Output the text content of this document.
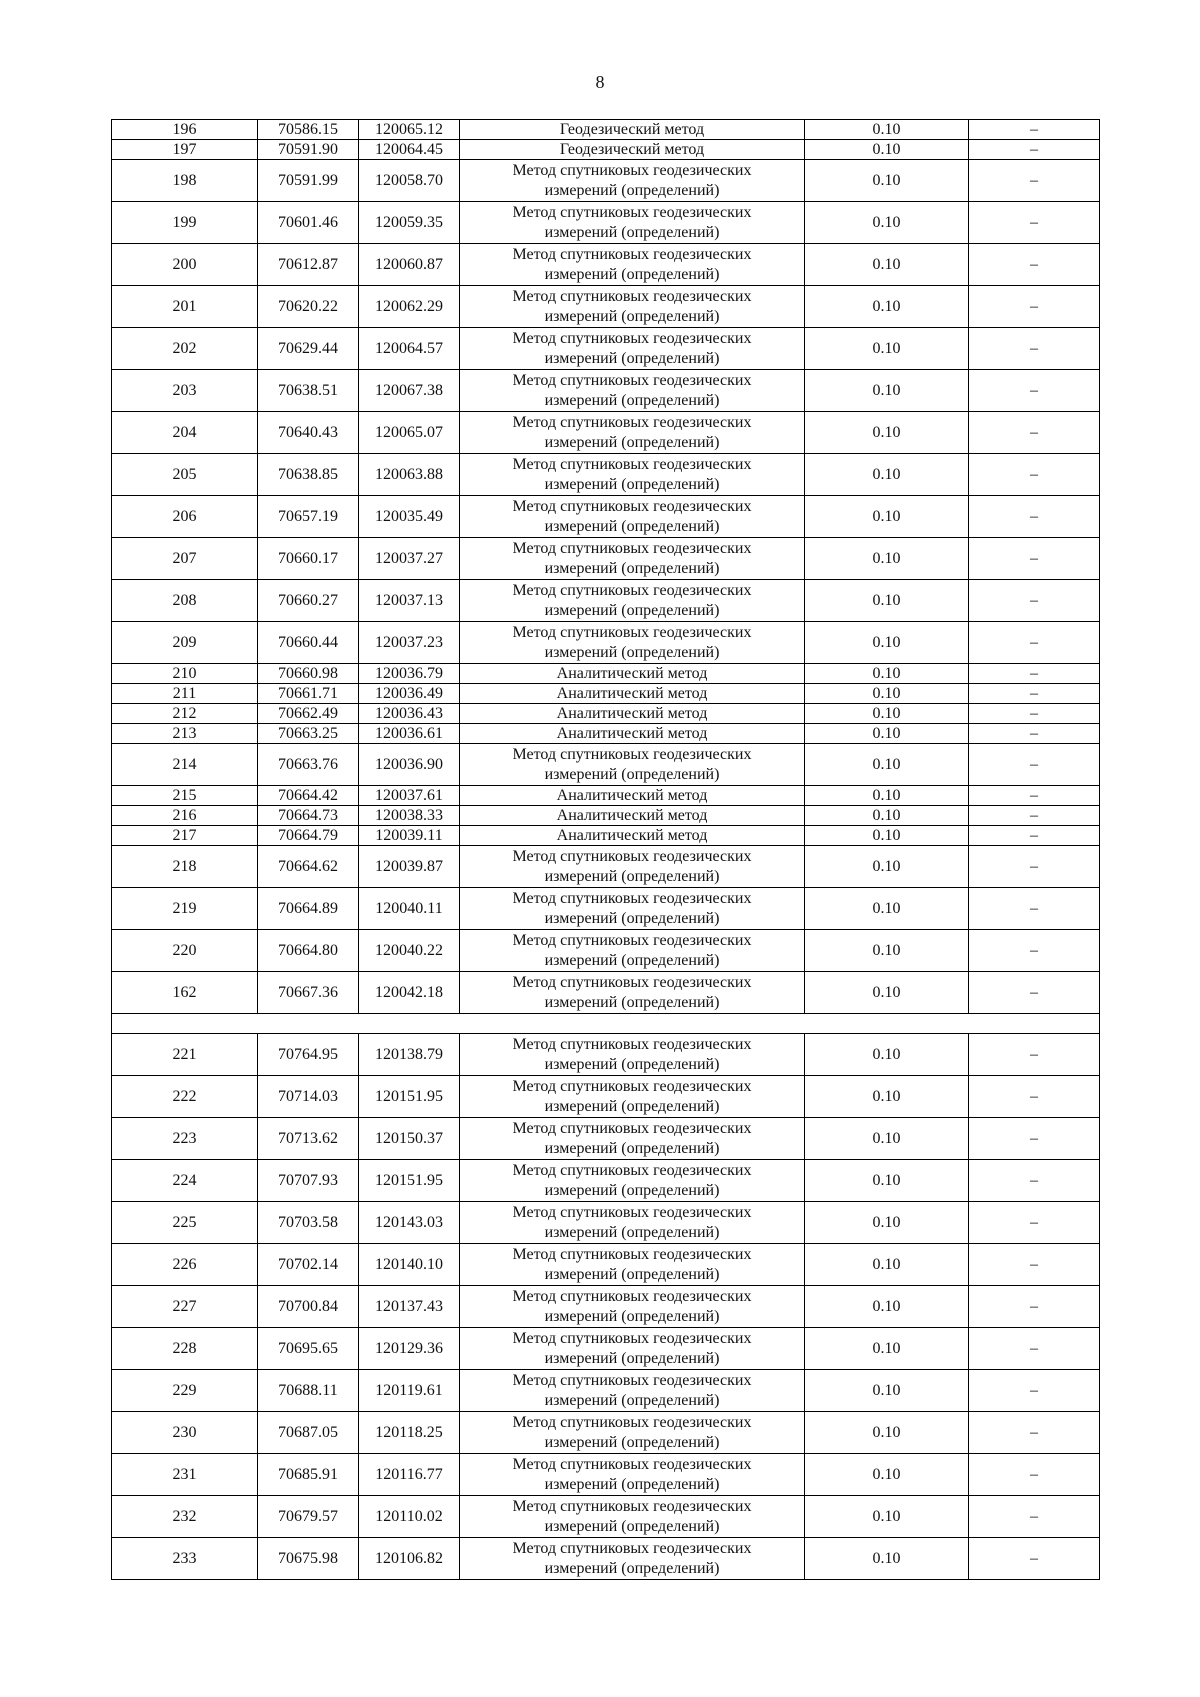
8
196	70586.15	120065.12	Геодезический метод	0.10	–
197	70591.90	120064.45	Геодезический метод	0.10	–
198	70591.99	120058.70	Метод спутниковых геодезических
измерений (определений)	0.10	–
199	70601.46	120059.35	Метод спутниковых геодезических
измерений (определений)	0.10	–
200	70612.87	120060.87	Метод спутниковых геодезических
измерений (определений)	0.10	–
201	70620.22	120062.29	Метод спутниковых геодезических
измерений (определений)	0.10	–
202	70629.44	120064.57	Метод спутниковых геодезических
измерений (определений)	0.10	–
203	70638.51	120067.38	Метод спутниковых геодезических
измерений (определений)	0.10	–
204	70640.43	120065.07	Метод спутниковых геодезических
измерений (определений)	0.10	–
205	70638.85	120063.88	Метод спутниковых геодезических
измерений (определений)	0.10	–
206	70657.19	120035.49	Метод спутниковых геодезических
измерений (определений)	0.10	–
207	70660.17	120037.27	Метод спутниковых геодезических
измерений (определений)	0.10	–
208	70660.27	120037.13	Метод спутниковых геодезических
измерений (определений)	0.10	–
209	70660.44	120037.23	Метод спутниковых геодезических
измерений (определений)	0.10	–
210	70660.98	120036.79	Аналитический метод	0.10	–
211	70661.71	120036.49	Аналитический метод	0.10	–
212	70662.49	120036.43	Аналитический метод	0.10	–
213	70663.25	120036.61	Аналитический метод	0.10	–
214	70663.76	120036.90	Метод спутниковых геодезических
измерений (определений)	0.10	–
215	70664.42	120037.61	Аналитический метод	0.10	–
216	70664.73	120038.33	Аналитический метод	0.10	–
217	70664.79	120039.11	Аналитический метод	0.10	–
218	70664.62	120039.87	Метод спутниковых геодезических
измерений (определений)	0.10	–
219	70664.89	120040.11	Метод спутниковых геодезических
измерений (определений)	0.10	–
220	70664.80	120040.22	Метод спутниковых геодезических
измерений (определений)	0.10	–
162	70667.36	120042.18	Метод спутниковых геодезических
измерений (определений)	0.10	–

221	70764.95	120138.79	Метод спутниковых геодезических
измерений (определений)	0.10	–
222	70714.03	120151.95	Метод спутниковых геодезических
измерений (определений)	0.10	–
223	70713.62	120150.37	Метод спутниковых геодезических
измерений (определений)	0.10	–
224	70707.93	120151.95	Метод спутниковых геодезических
измерений (определений)	0.10	–
225	70703.58	120143.03	Метод спутниковых геодезических
измерений (определений)	0.10	–
226	70702.14	120140.10	Метод спутниковых геодезических
измерений (определений)	0.10	–
227	70700.84	120137.43	Метод спутниковых геодезических
измерений (определений)	0.10	–
228	70695.65	120129.36	Метод спутниковых геодезических
измерений (определений)	0.10	–
229	70688.11	120119.61	Метод спутниковых геодезических
измерений (определений)	0.10	–
230	70687.05	120118.25	Метод спутниковых геодезических
измерений (определений)	0.10	–
231	70685.91	120116.77	Метод спутниковых геодезических
измерений (определений)	0.10	–
232	70679.57	120110.02	Метод спутниковых геодезических
измерений (определений)	0.10	–
233	70675.98	120106.82	Метод спутниковых геодезических
измерений (определений)	0.10	–
